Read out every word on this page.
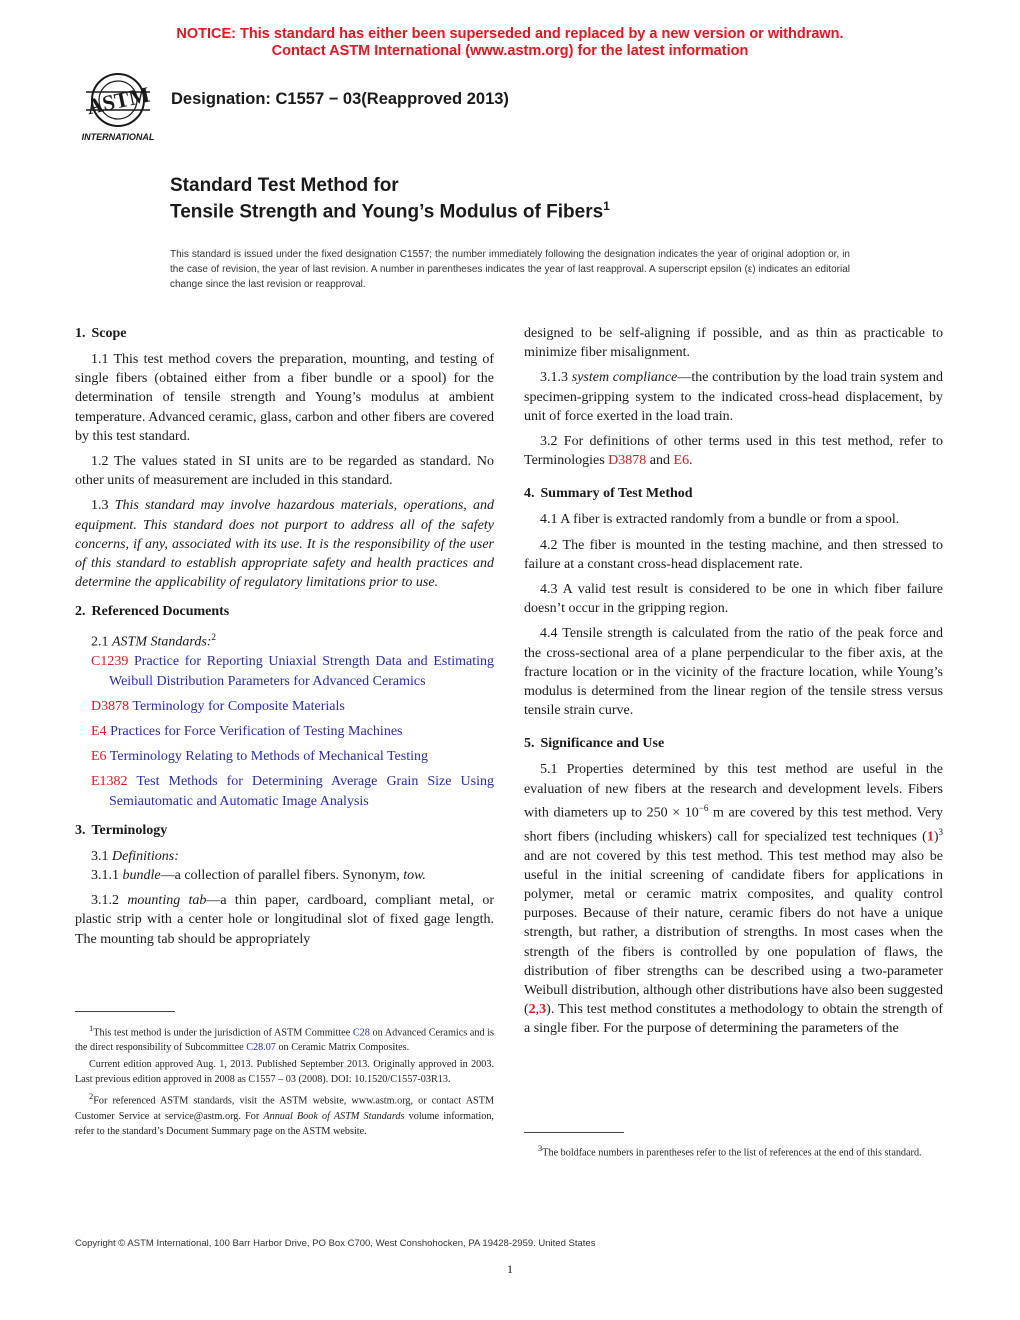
NOTICE: This standard has either been superseded and replaced by a new version or withdrawn.
Contact ASTM International (www.astm.org) for the latest information
ASTM
INTERNATIONAL
Designation: C1557 − 03(Reapproved 2013)
Standard Test Method for
Tensile Strength and Young’s Modulus of Fibers$^1$
This standard is issued under the fixed designation C1557; the number immediately following the designation indicates the year of original adoption or, in the case of revision, the year of last revision. A number in parentheses indicates the year of last reapproval. A superscript epsilon (ε) indicates an editorial change since the last revision or reapproval.
1. Scope

1.1 This test method covers the preparation, mounting, and testing of single fibers (obtained either from a fiber bundle or a spool) for the determination of tensile strength and Young’s modulus at ambient temperature. Advanced ceramic, glass, carbon and other fibers are covered by this test standard.

1.2 The values stated in SI units are to be regarded as standard. No other units of measurement are included in this standard.

1.3 This standard may involve hazardous materials, operations, and equipment. This standard does not purport to address all of the safety concerns, if any, associated with its use. It is the responsibility of the user of this standard to establish appropriate safety and health practices and determine the applicability of regulatory limitations prior to use.

2. Referenced Documents

2.1 ASTM Standards:$^2$

C1239 Practice for Reporting Uniaxial Strength Data and Estimating Weibull Distribution Parameters for Advanced Ceramics

D3878 Terminology for Composite Materials

E4 Practices for Force Verification of Testing Machines

E6 Terminology Relating to Methods of Mechanical Testing

E1382 Test Methods for Determining Average Grain Size Using Semiautomatic and Automatic Image Analysis

3. Terminology

3.1 Definitions:

3.1.1 bundle—a collection of parallel fibers. Synonym, tow.

3.1.2 mounting tab—a thin paper, cardboard, compliant metal, or plastic strip with a center hole or longitudinal slot of fixed gage length. The mounting tab should be appropriately

$^1$This test method is under the jurisdiction of ASTM Committee C28 on Advanced Ceramics and is the direct responsibility of Subcommittee C28.07 on Ceramic Matrix Composites.

Current edition approved Aug. 1, 2013. Published September 2013. Originally approved in 2003. Last previous edition approved in 2008 as C1557 – 03 (2008). DOI: 10.1520/C1557-03R13.

$^2$For referenced ASTM standards, visit the ASTM website, www.astm.org, or contact ASTM Customer Service at service@astm.org. For Annual Book of ASTM Standards volume information, refer to the standard’s Document Summary page on the ASTM website.

designed to be self-aligning if possible, and as thin as practicable to minimize fiber misalignment.

3.1.3 system compliance—the contribution by the load train system and specimen-gripping system to the indicated cross-head displacement, by unit of force exerted in the load train.

3.2 For definitions of other terms used in this test method, refer to Terminologies D3878 and E6.

4. Summary of Test Method

4.1 A fiber is extracted randomly from a bundle or from a spool.

4.2 The fiber is mounted in the testing machine, and then stressed to failure at a constant cross-head displacement rate.

4.3 A valid test result is considered to be one in which fiber failure doesn’t occur in the gripping region.

4.4 Tensile strength is calculated from the ratio of the peak force and the cross-sectional area of a plane perpendicular to the fiber axis, at the fracture location or in the vicinity of the fracture location, while Young’s modulus is determined from the linear region of the tensile stress versus tensile strain curve.

5. Significance and Use

5.1 Properties determined by this test method are useful in the evaluation of new fibers at the research and development levels. Fibers with diameters up to $250 \times 10^{-6}$ m are covered by this test method. Very short fibers (including whiskers) call for specialized test techniques $(1)^3$ and are not covered by this test method. This test method may also be useful in the initial screening of candidate fibers for applications in polymer, metal or ceramic matrix composites, and quality control purposes. Because of their nature, ceramic fibers do not have a unique strength, but rather, a distribution of strengths. In most cases when the strength of the fibers is controlled by one population of flaws, the distribution of fiber strengths can be described using a two-parameter Weibull distribution, although other distributions have also been suggested (2,3). This test method constitutes a methodology to obtain the strength of a single fiber. For the purpose of determining the parameters of the

$^3$The boldface numbers in parentheses refer to the list of references at the end of this standard.

Copyright © ASTM International, 100 Barr Harbor Drive, PO Box C700, West Conshohocken, PA 19428-2959. United States
1
